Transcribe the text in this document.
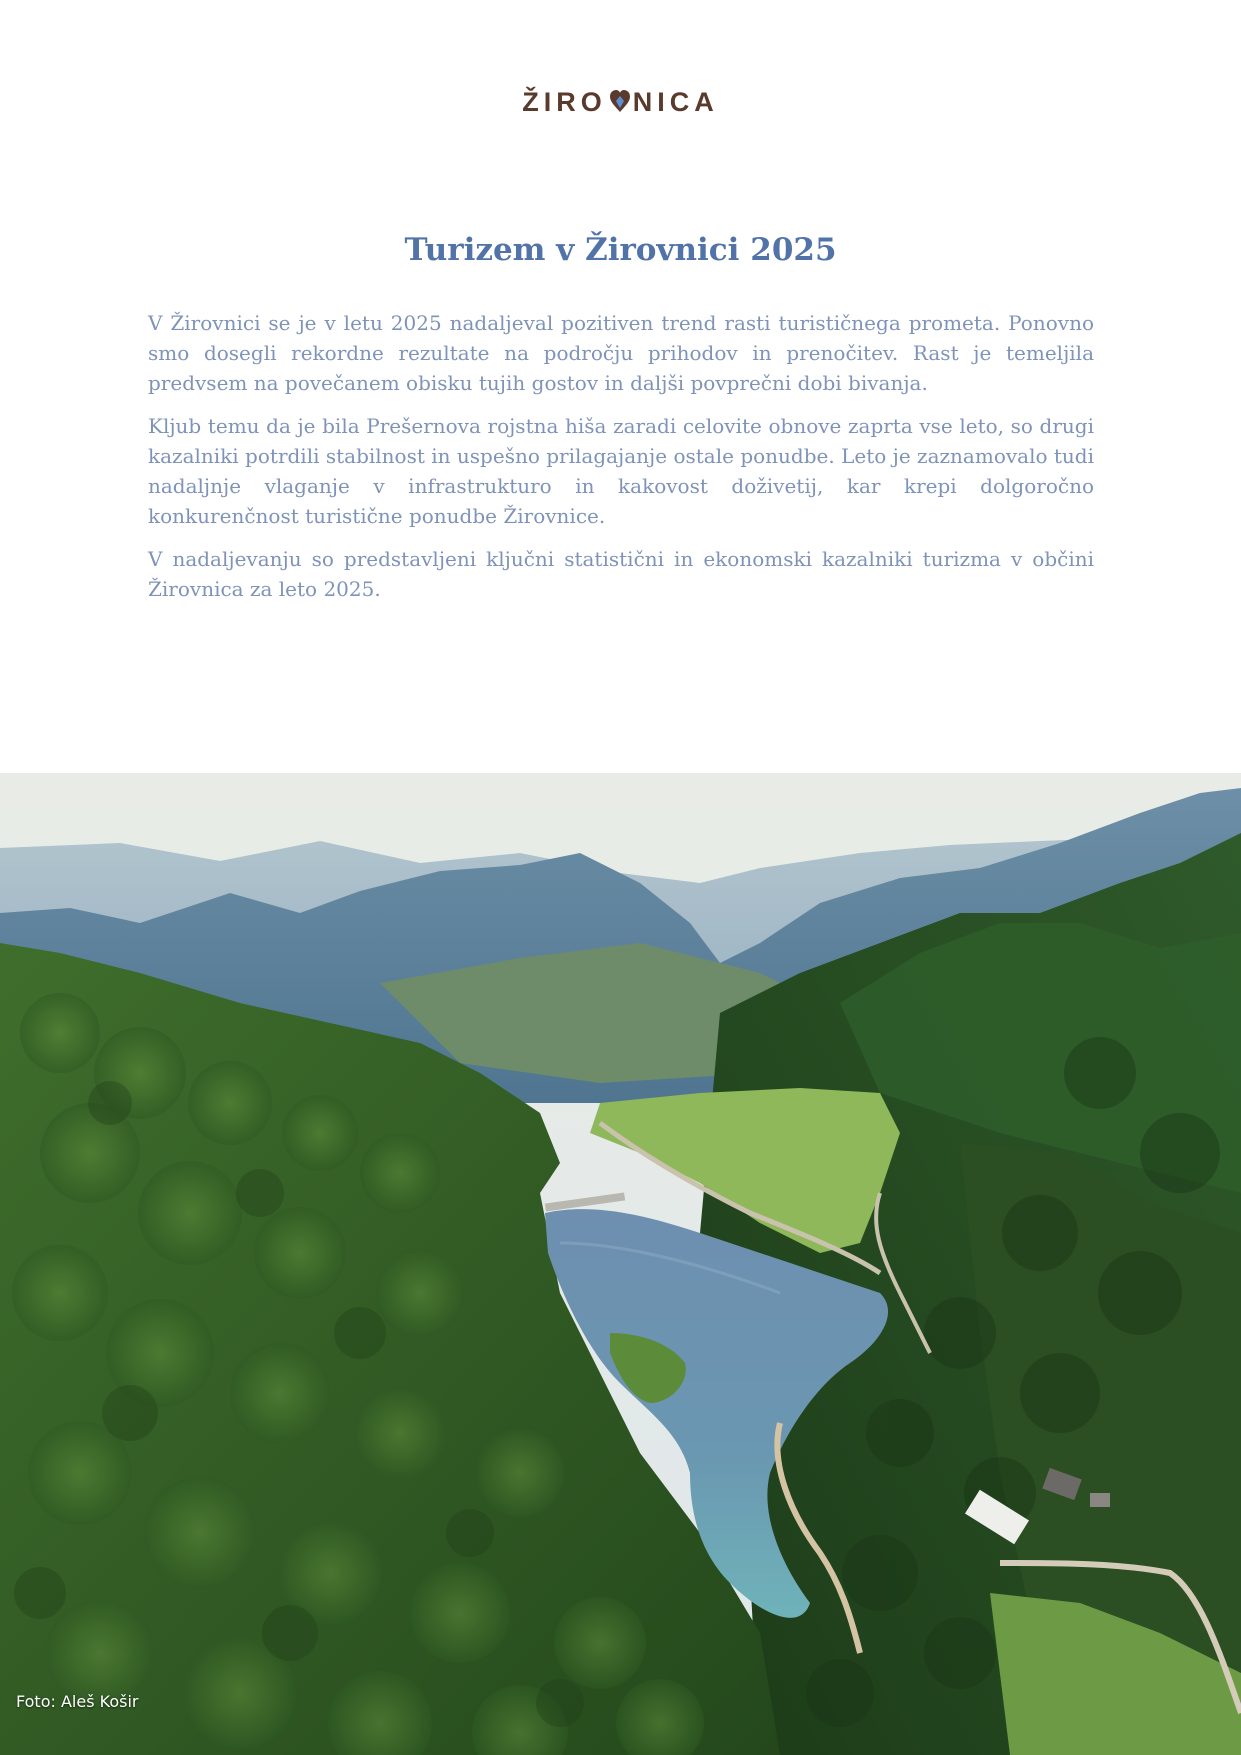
ŽIRO NICA
Turizem v Žirovnici 2025

V Žirovnici se je v letu 2025 nadaljeval pozitiven trend rasti turističnega prometa. Ponovno smo dosegli rekordne rezultate na področju prihodov in prenočitev. Rast je temeljila predvsem na povečanem obisku tujih gostov in daljši povprečni dobi bivanja.

Kljub temu da je bila Prešernova rojstna hiša zaradi celovite obnove zaprta vse leto, so drugi kazalniki potrdili stabilnost in uspešno prilagajanje ostale ponudbe. Leto je zaznamovalo tudi nadaljnje vlaganje v infrastrukturo in kakovost doživetij, kar krepi dolgoročno konkurenčnost turistične ponudbe Žirovnice.

V nadaljevanju so predstavljeni ključni statistični in ekonomski kazalniki turizma v občini Žirovnica za leto 2025.

Foto: Aleš Košir
